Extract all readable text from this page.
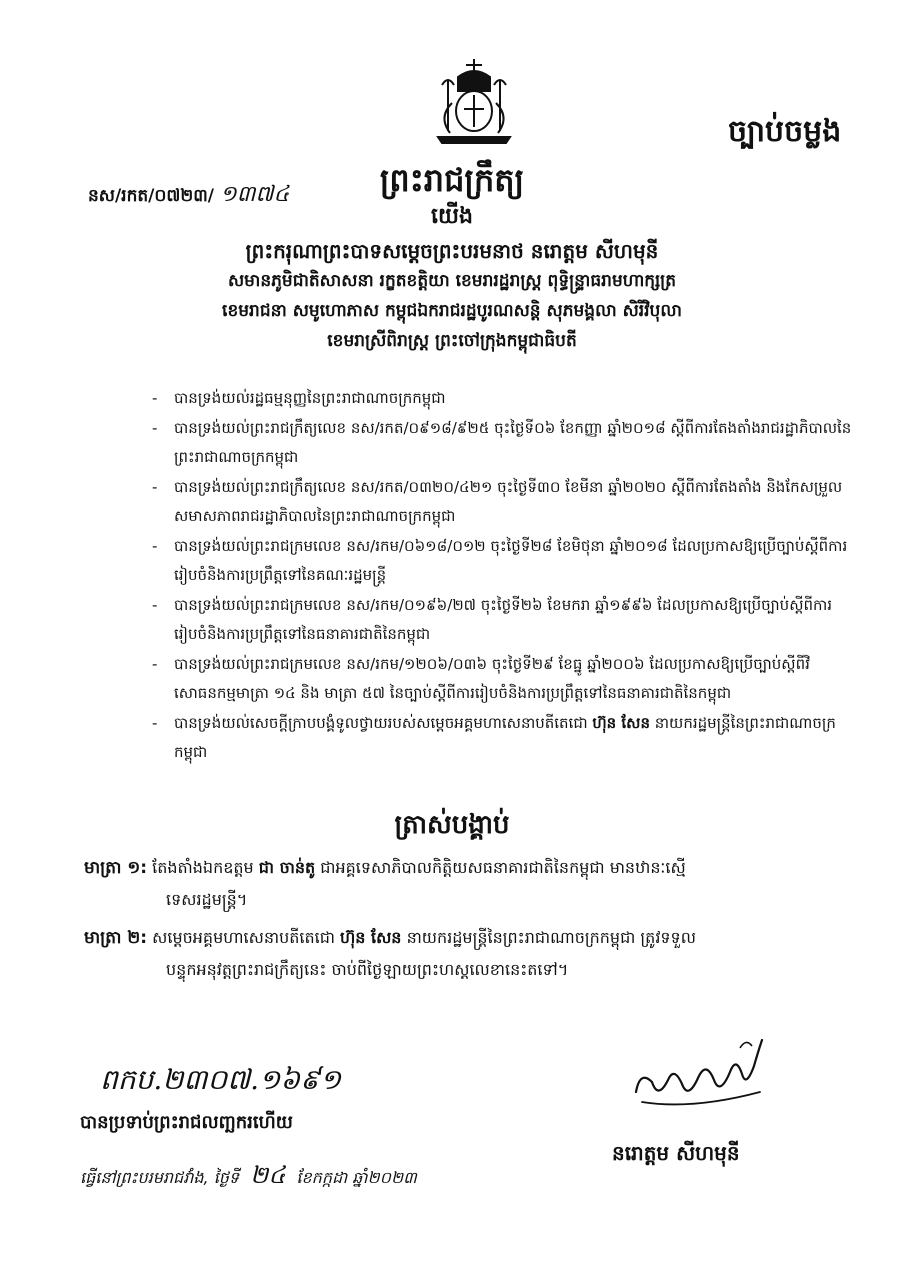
ច្បាប់ចម្លង
នស/រកត/០៧២៣/ ១៣៧៤	ព្រះរាជក្រឹត្យ
យើង
ព្រះករុណាព្រះបាទសម្តេចព្រះបរមនាថ នរោត្តម សីហមុនី
សមានភូមិជាតិសាសនា រក្ខតខត្តិយា ខេមរារដ្ឋរាស្ត្រ ពុទ្ធិន្ទ្រាធរាមហាក្សត្រ
ខេមរាជនា សមូហោភាស កម្ពុជឯករាជរដ្ឋបូរណសន្តិ សុភមង្គលា សិរីវិបុលា
ខេមរាស្រីពិរាស្ត្រ ព្រះចៅក្រុងកម្ពុជាធិបតី
- បានទ្រង់យល់រដ្ឋធម្មនុញ្ញនៃព្រះរាជាណាចក្រកម្ពុជា
- បានទ្រង់យល់ព្រះរាជក្រឹត្យលេខ នស/រកត/០៩១៨/៩២៥ ចុះថ្ងៃទី០៦ ខែកញ្ញា ឆ្នាំ២០១៨ ស្តីពីការតែងតាំងរាជរដ្ឋាភិបាលនៃព្រះរាជាណាចក្រកម្ពុជា
- បានទ្រង់យល់ព្រះរាជក្រឹត្យលេខ នស/រកត/០៣២០/៤២១ ចុះថ្ងៃទី៣០ ខែមីនា ឆ្នាំ២០២០ ស្តីពីការតែងតាំង និងកែសម្រួលសមាសភាពរាជរដ្ឋាភិបាលនៃព្រះរាជាណាចក្រកម្ពុជា
- បានទ្រង់យល់ព្រះរាជក្រមលេខ នស/រកម/០៦១៨/០១២ ចុះថ្ងៃទី២៨ ខែមិថុនា ឆ្នាំ២០១៨ ដែលប្រកាសឱ្យប្រើច្បាប់ស្តីពីការរៀបចំនិងការប្រព្រឹត្តទៅនៃគណៈរដ្ឋមន្ត្រី
- បានទ្រង់យល់ព្រះរាជក្រមលេខ នស/រកម/០១៩៦/២៧ ចុះថ្ងៃទី២៦ ខែមករា ឆ្នាំ១៩៩៦ ដែលប្រកាសឱ្យប្រើច្បាប់ស្តីពីការរៀបចំនិងការប្រព្រឹត្តទៅនៃធនាគារជាតិនៃកម្ពុជា
- បានទ្រង់យល់ព្រះរាជក្រមលេខ នស/រកម/១២០៦/០៣៦ ចុះថ្ងៃទី២៩ ខែធ្នូ ឆ្នាំ២០០៦ ដែលប្រកាសឱ្យប្រើច្បាប់ស្តីពីវិសោធនកម្មមាត្រា ១៤ និង មាត្រា ៥៧ នៃច្បាប់ស្តីពីការរៀបចំនិងការប្រព្រឹត្តទៅនៃធនាគារជាតិនៃកម្ពុជា
- បានទ្រង់យល់សេចក្តីក្រាបបង្គំទូលថ្វាយរបស់សម្តេចអគ្គមហាសេនាបតីតេជោ ហ៊ុន សែន នាយករដ្ឋមន្ត្រីនៃព្រះរាជាណាចក្រកម្ពុជា
ត្រាស់បង្គាប់
មាត្រា ១: តែងតាំងឯកឧត្តម ជា ចាន់តូ ជាអគ្គទេសាភិបាលកិត្តិយសធនាគារជាតិនៃកម្ពុជា មានឋានៈស្មើ
ទេសរដ្ឋមន្ត្រី។
មាត្រា ២: សម្តេចអគ្គមហាសេនាបតីតេជោ ហ៊ុន សែន នាយករដ្ឋមន្ត្រីនៃព្រះរាជាណាចក្រកម្ពុជា ត្រូវទទួល
បន្ទុកអនុវត្តព្រះរាជក្រឹត្យនេះ ចាប់ពីថ្ងៃឡាយព្រះហស្តលេខានេះតទៅ។
ពកប.២៣០៧.១៦៩១
បានប្រទាប់ព្រះរាជលញ្ឆករហើយ
ធ្វើនៅព្រះបរមរាជវាំង, ថ្ងៃទី ២៤ ខែកក្កដា ឆ្នាំ២០២៣
នរោត្តម សីហមុនី
